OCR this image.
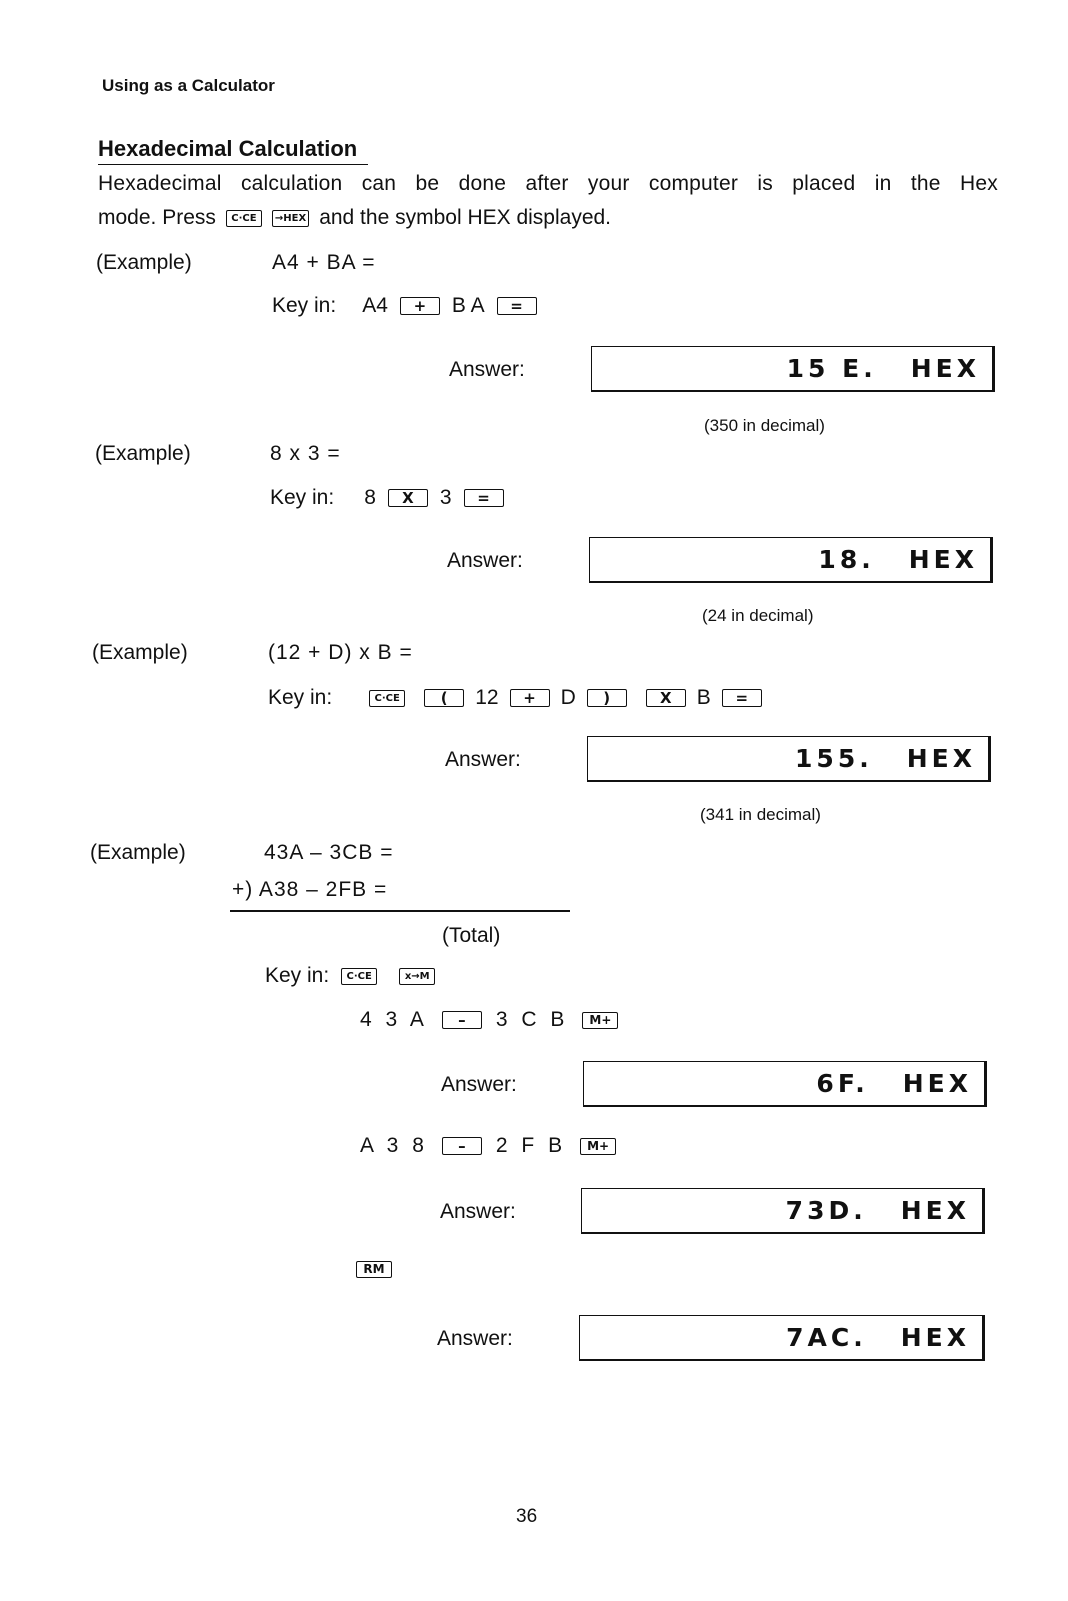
Using as a Calculator
Hexadecimal Calculation
Hexadecimal calculation can be done after your computer is placed in the Hex
mode. Press	C·CE	→HEX and the symbol HEX displayed.
(Example)	A4 + BA =
Key in: A4	+	B A	=
Answer:	15 E. HEX
(350 in decimal)
(Example)	8 x 3 =
Key in: 8	X	3	=
Answer:	18. HEX
(24 in decimal)
(Example)	(12 + D) x B =
Key in:	C·CE	(	12	+	D	)	X	B	=
Answer:	155. HEX
(341 in decimal)
(Example)	43A – 3CB =
+) A38 – 2FB =
(Total)
Key in:	C·CE	x→M
4 3 A	–	3 C B	M+
Answer:	6F. HEX
A 3 8	–	2 F B	M+
Answer:	73D. HEX
RM
Answer:	7AC. HEX
36
